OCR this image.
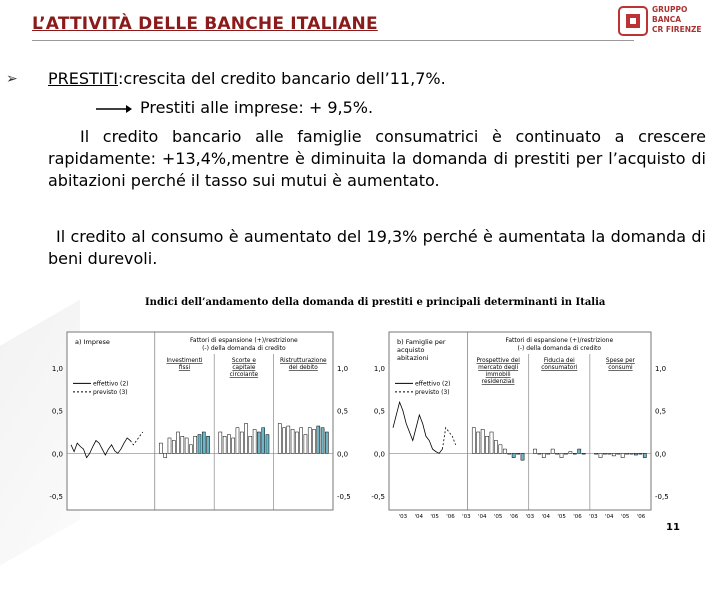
L’ATTIVITÀ DELLE BANCHE ITALIANE
GRUPPO
BANCA
CR FIRENZE
➢ PRESTITI:crescita del credito bancario dell’11,7%.
Prestiti alle imprese: + 9,5%.
Il credito bancario alle famiglie consumatrici è continuato a crescere rapidamente: +13,4%,mentre è diminuita la domanda di prestiti per l’acquisto di abitazioni perché il tasso sui mutui è aumentato.
Il credito al consumo è aumentato del 19,3% perché è aumentata la domanda di beni durevoli.
Indici dell’andamento della domanda di prestiti e principali determinanti in Italia
1,0	1,0
0,5	0,5
0,0	0,0
-0,5	-0,5
a) Imprese	Fattori di espansione (+)/restrizione
(-) della domanda di credito
effettivo (2)
previsto (3)
Investimenti
fissi
Scorte e
capitale
circolante
Ristrutturazione
del debito	1,0	1,0
0,5	0,5
0,0	0,0
-0,5	-0,5
b) Famiglie per
acquisto
abitazioni
Fattori di espansione (+)/restrizione
(-) della domanda di credito
effettivo (2)
previsto (3)
Prospettive del
mercato degli
immobili
residenziali
Fiducia dei
consumatori
Spese per
consumi
'03 '04 '05 '06 '03 '04 '05 '06 '03 '04 '05 '06 '03 '04 '05 '06
11
